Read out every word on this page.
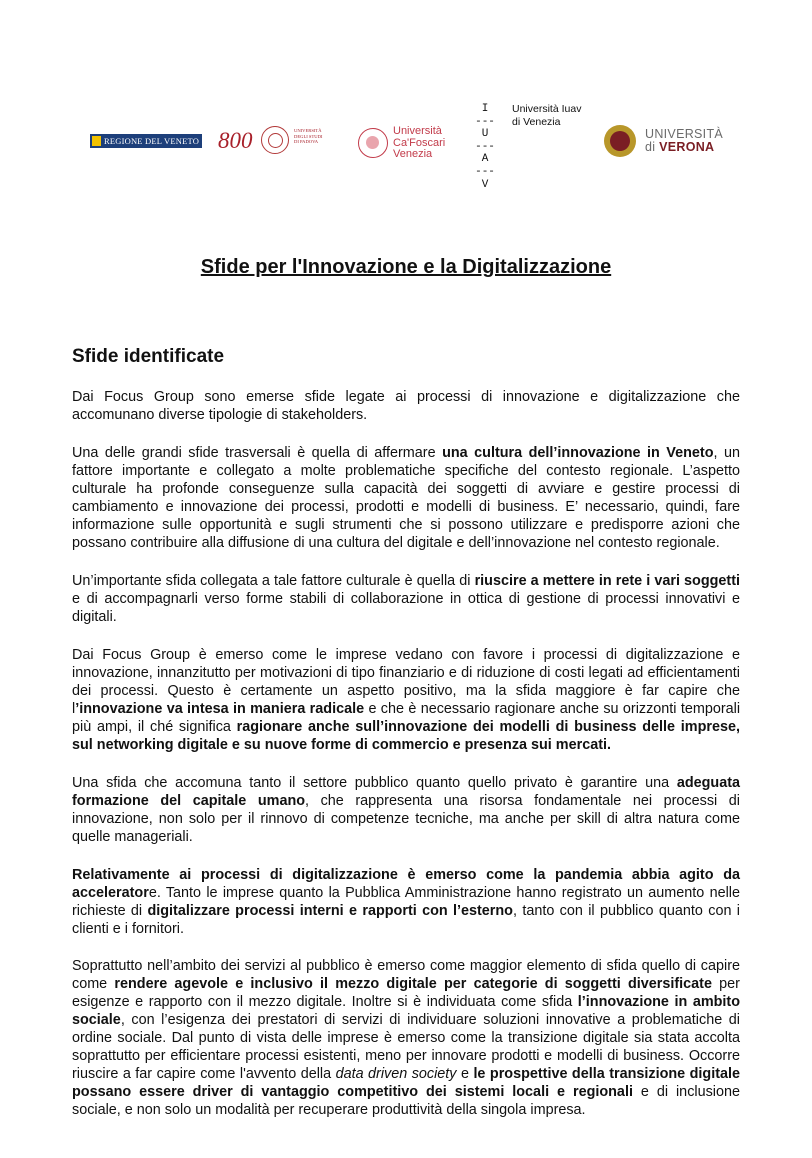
REGIONE DEL VENETO 800	UNIVERSITÀ
DEGLI STUDI
DI PADOVA
Università
Ca'Foscari
Venezia
I
---
U
---
A
---
V
Università Iuav
di Venezia
UNIVERSITÀ
di VERONA
Sfide per l'Innovazione e la Digitalizzazione
Sfide identificate

Dai Focus Group sono emerse sfide legate ai processi di innovazione e digitalizzazione che accomunano diverse tipologie di stakeholders.

Una delle grandi sfide trasversali è quella di affermare una cultura dell’innovazione in Veneto, un fattore importante e collegato a molte problematiche specifiche del contesto regionale. L’aspetto culturale ha profonde conseguenze sulla capacità dei soggetti di avviare e gestire processi di cambiamento e innovazione dei processi, prodotti e modelli di business. E’ necessario, quindi, fare informazione sulle opportunità e sugli strumenti che si possono utilizzare e predisporre azioni che possano contribuire alla diffusione di una cultura del digitale e dell’innovazione nel contesto regionale.

Un’importante sfida collegata a tale fattore culturale è quella di riuscire a mettere in rete i vari soggetti e di accompagnarli verso forme stabili di collaborazione in ottica di gestione di processi innovativi e digitali.

Dai Focus Group è emerso come le imprese vedano con favore i processi di digitalizzazione e innovazione, innanzitutto per motivazioni di tipo finanziario e di riduzione di costi legati ad efficientamenti dei processi. Questo è certamente un aspetto positivo, ma la sfida maggiore è far capire che l’innovazione va intesa in maniera radicale e che è necessario ragionare anche su orizzonti temporali più ampi, il ché significa ragionare anche sull’innovazione dei modelli di business delle imprese, sul networking digitale e su nuove forme di commercio e presenza sui mercati.

Una sfida che accomuna tanto il settore pubblico quanto quello privato è garantire una adeguata formazione del capitale umano, che rappresenta una risorsa fondamentale nei processi di innovazione, non solo per il rinnovo di competenze tecniche, ma anche per skill di altra natura come quelle manageriali.

Relativamente ai processi di digitalizzazione è emerso come la pandemia abbia agito da acceleratore. Tanto le imprese quanto la Pubblica Amministrazione hanno registrato un aumento nelle richieste di digitalizzare processi interni e rapporti con l’esterno, tanto con il pubblico quanto con i clienti e i fornitori.

Soprattutto nell’ambito dei servizi al pubblico è emerso come maggior elemento di sfida quello di capire come rendere agevole e inclusivo il mezzo digitale per categorie di soggetti diversificate per esigenze e rapporto con il mezzo digitale. Inoltre si è individuata come sfida l’innovazione in ambito sociale, con l’esigenza dei prestatori di servizi di individuare soluzioni innovative a problematiche di ordine sociale. Dal punto di vista delle imprese è emerso come la transizione digitale sia stata accolta soprattutto per efficientare processi esistenti, meno per innovare prodotti e modelli di business. Occorre riuscire a far capire come l'avvento della data driven society e le prospettive della transizione digitale possano essere driver di vantaggio competitivo dei sistemi locali e regionali e di inclusione sociale, e non solo un modalità per recuperare produttività della singola impresa.
